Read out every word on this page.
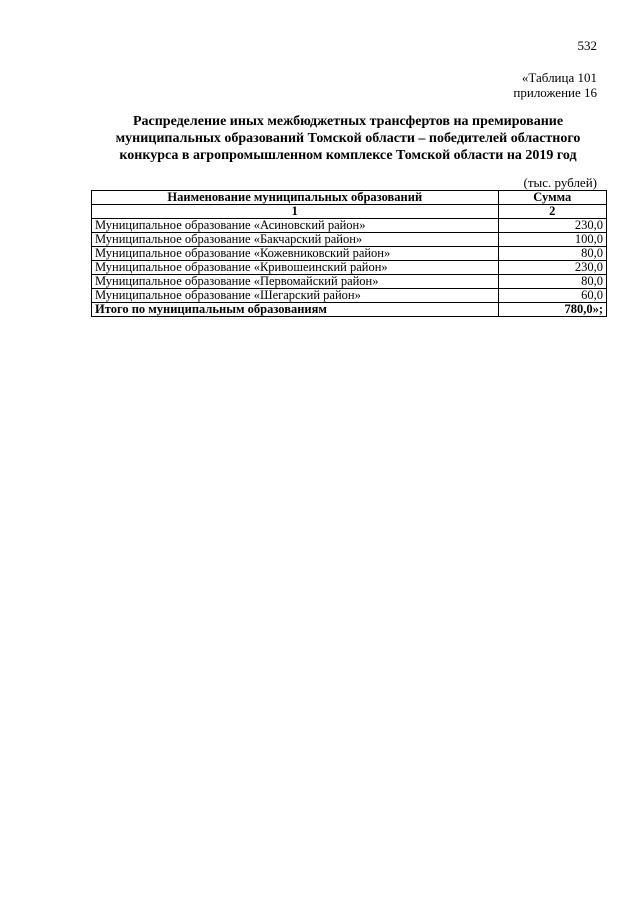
532
«Таблица 101
приложение 16
Распределение иных межбюджетных трансфертов на премирование
муниципальных образований Томской области – победителей областного
конкурса в агропромышленном комплексе Томской области на 2019 год
(тыс. рублей)
Наименование муниципальных образований	Сумма
1	2
Муниципальное образование «Асиновский район»	230,0
Муниципальное образование «Бакчарский район»	100,0
Муниципальное образование «Кожевниковский район»	80,0
Муниципальное образование «Кривошеинский район»	230,0
Муниципальное образование «Первомайский район»	80,0
Муниципальное образование «Шегарский район»	60,0
Итого по муниципальным образованиям	780,0»;
